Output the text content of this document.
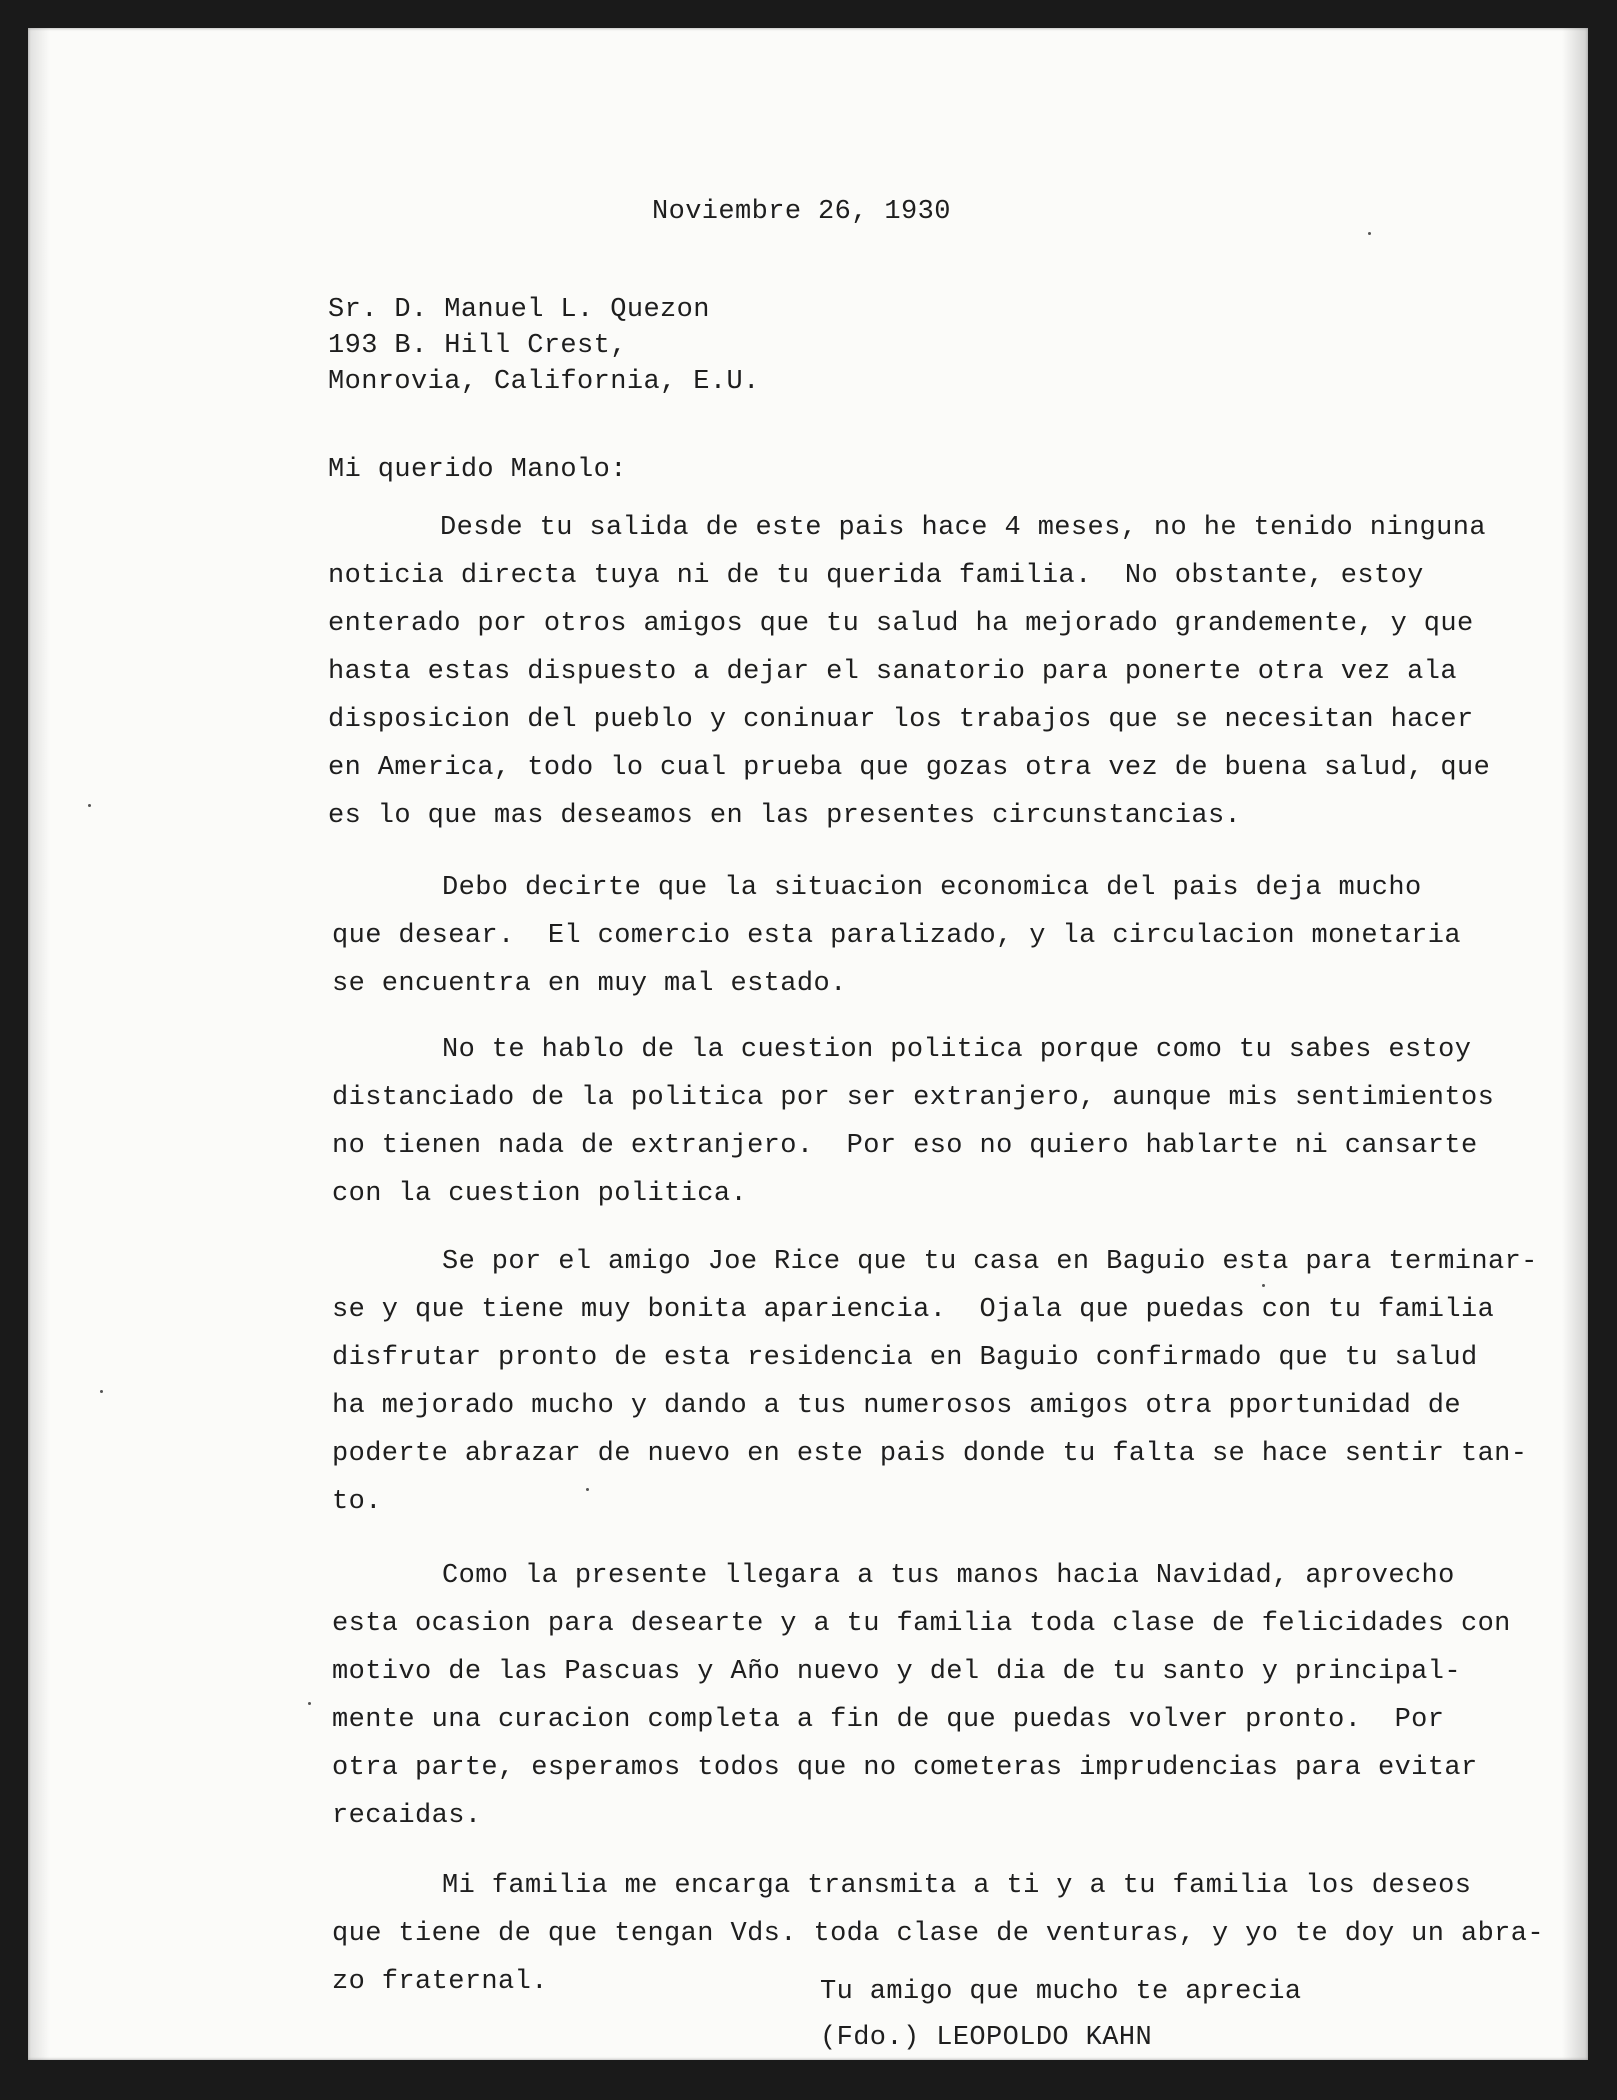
Noviembre 26, 1930
Sr. D. Manuel L. Quezon
193 B. Hill Crest,
Monrovia, California, E.U.
Mi querido Manolo:
Desde tu salida de este pais hace 4 meses, no he tenido ninguna
noticia directa tuya ni de tu querida familia.  No obstante, estoy
enterado por otros amigos que tu salud ha mejorado grandemente, y que
hasta estas dispuesto a dejar el sanatorio para ponerte otra vez ala
disposicion del pueblo y coninuar los trabajos que se necesitan hacer
en America, todo lo cual prueba que gozas otra vez de buena salud, que
es lo que mas deseamos en las presentes circunstancias.
Debo decirte que la situacion economica del pais deja mucho
que desear.  El comercio esta paralizado, y la circulacion monetaria
se encuentra en muy mal estado.
No te hablo de la cuestion politica porque como tu sabes estoy
distanciado de la politica por ser extranjero, aunque mis sentimientos
no tienen nada de extranjero.  Por eso no quiero hablarte ni cansarte
con la cuestion politica.
Se por el amigo Joe Rice que tu casa en Baguio esta para terminar-
se y que tiene muy bonita apariencia.  Ojala que puedas con tu familia
disfrutar pronto de esta residencia en Baguio confirmado que tu salud
ha mejorado mucho y dando a tus numerosos amigos otra pportunidad de
poderte abrazar de nuevo en este pais donde tu falta se hace sentir tan-
to.
Como la presente llegara a tus manos hacia Navidad, aprovecho
esta ocasion para desearte y a tu familia toda clase de felicidades con
motivo de las Pascuas y Año nuevo y del dia de tu santo y principal-
mente una curacion completa a fin de que puedas volver pronto.  Por
otra parte, esperamos todos que no cometeras imprudencias para evitar
recaidas.
Mi familia me encarga transmita a ti y a tu familia los deseos
que tiene de que tengan Vds. toda clase de venturas, y yo te doy un abra-
zo fraternal.	Tu amigo que mucho te aprecia
(Fdo.) LEOPOLDO KAHN
